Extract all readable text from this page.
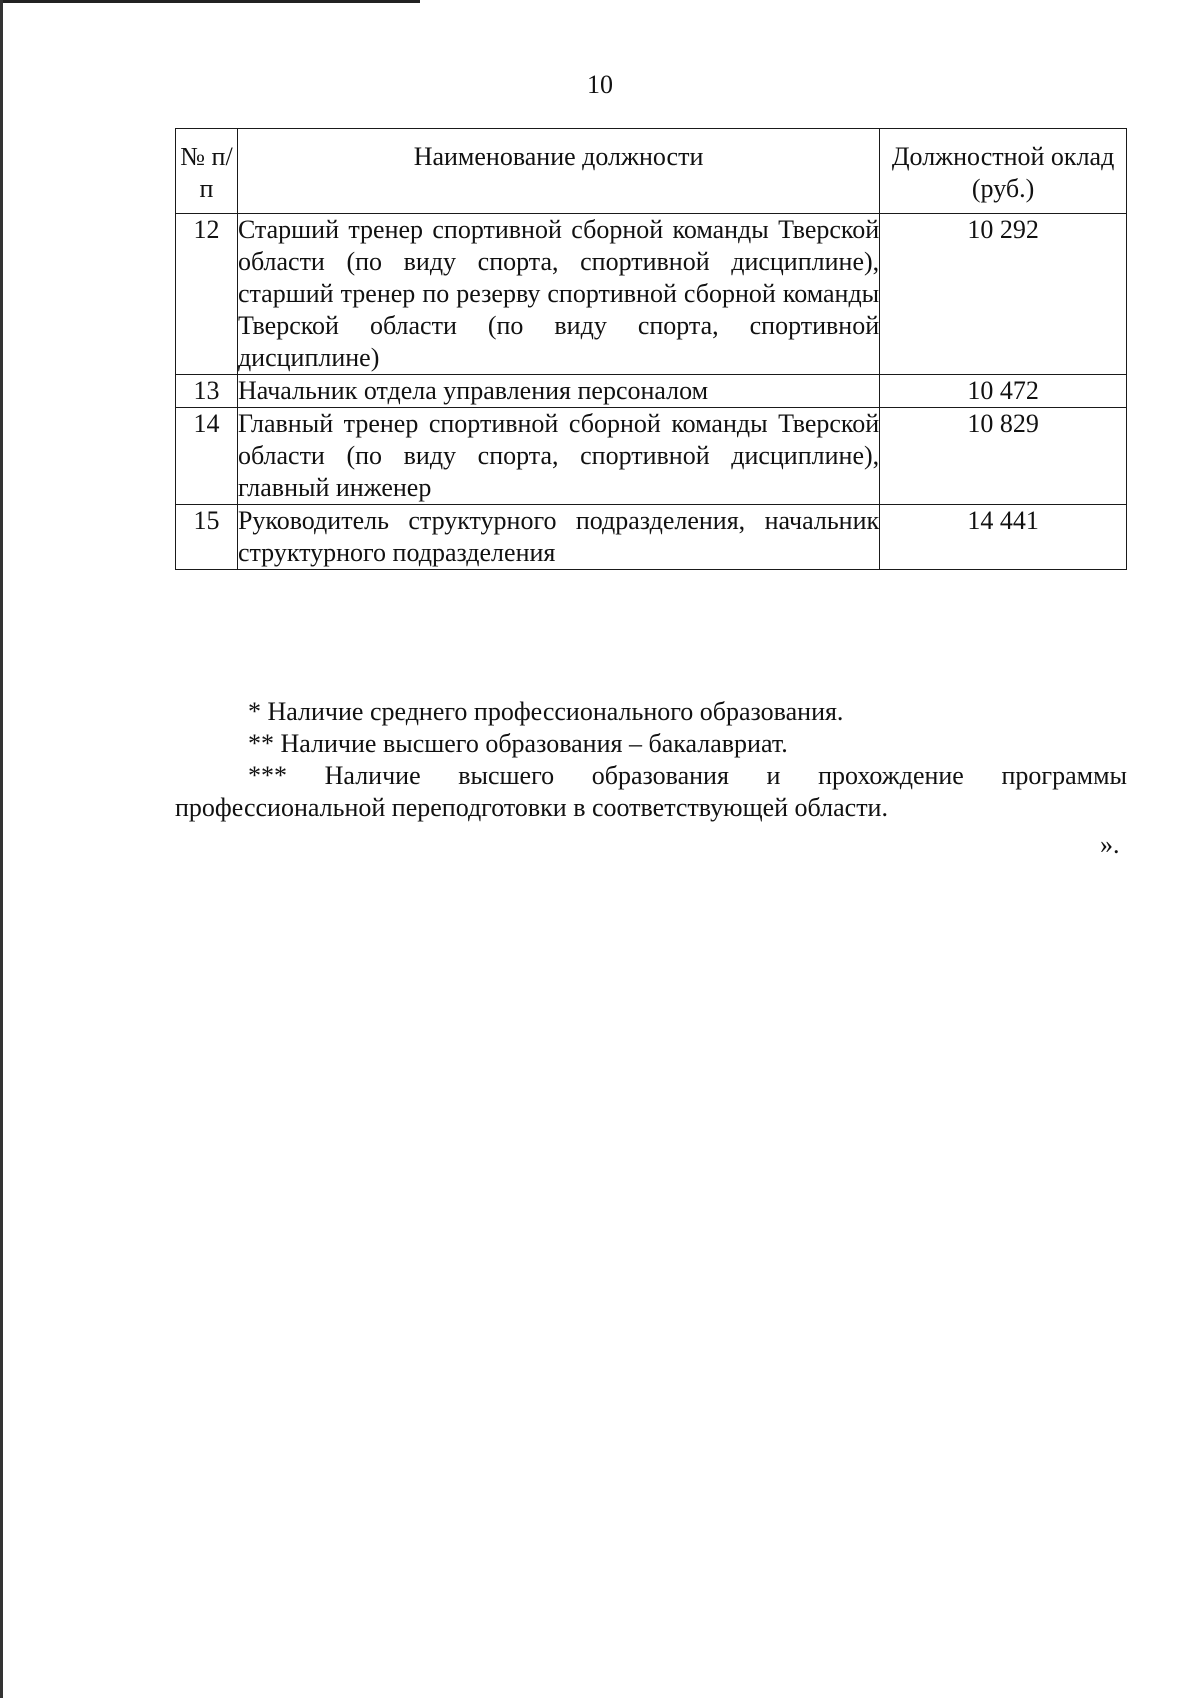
10
№ п/п	Наименование должности	Должностной оклад (руб.)
12	Старший тренер спортивной сборной команды Тверской области (по виду спорта, спортивной дисциплине), старший тренер по резерву спортивной сборной команды Тверской области (по виду спорта, спортивной дисциплине)	10 292
13	Начальник отдела управления персоналом	10 472
14	Главный тренер спортивной сборной команды Тверской области (по виду спорта, спортивной дисциплине), главный инженер	10 829
15	Руководитель структурного подразделения, начальник структурного подразделения	14 441
* Наличие среднего профессионального образования.
** Наличие высшего образования – бакалавриат.
*** Наличие высшего образования и прохождение программы профессиональной переподготовки в соответствующей области.
».
